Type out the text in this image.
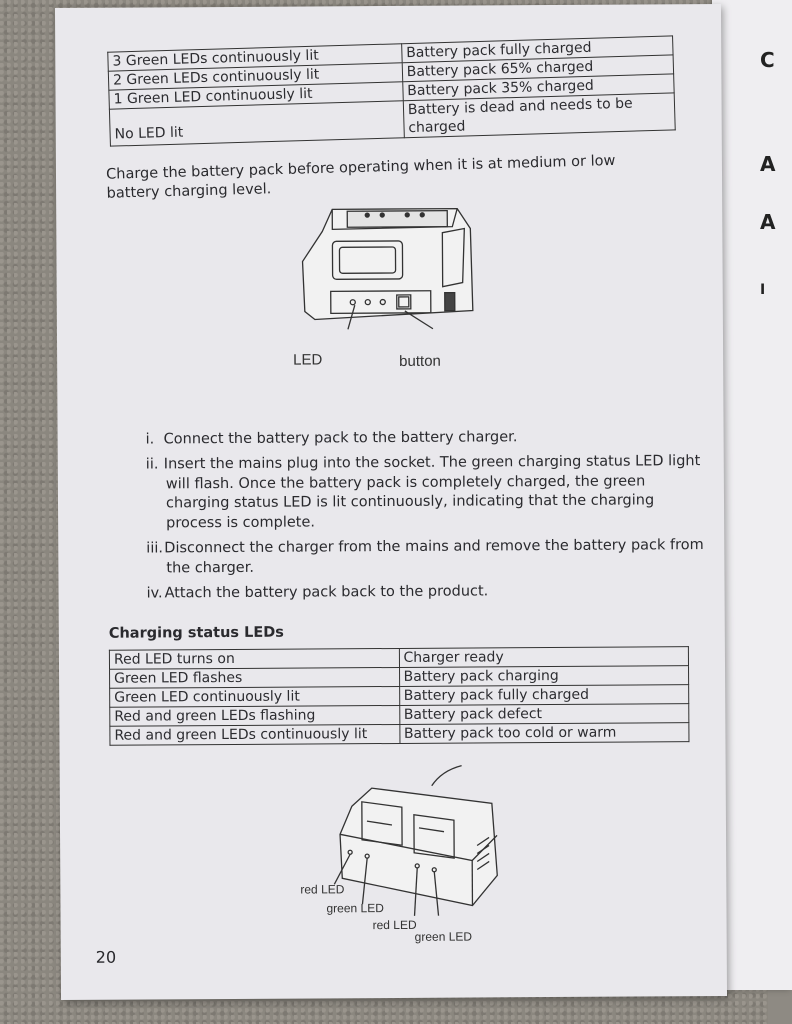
C
A
A
I
3 Green LEDs continuously lit	Battery pack fully charged
2 Green LEDs continuously lit	Battery pack 65% charged
1 Green LED continuously lit	Battery pack 35% charged
No LED lit	Battery is dead and needs to be charged
Charge the battery pack before operating when it is at medium or low battery charging level.
LED	button
i. Connect the battery pack to the battery charger.
ii. Insert the mains plug into the socket. The green charging status LED light will flash. Once the battery pack is completely charged, the green charging status LED is lit continuously, indicating that the charging process is complete.
iii.Disconnect the charger from the mains and remove the battery pack from the charger.
iv. Attach the battery pack back to the product.
Charging status LEDs
Red LED turns on	Charger ready
Green LED flashes	Battery pack charging
Green LED continuously lit	Battery pack fully charged
Red and green LEDs flashing	Battery pack defect
Red and green LEDs continuously lit	Battery pack too cold or warm
red LED
green LED
red LED
green LED
20
